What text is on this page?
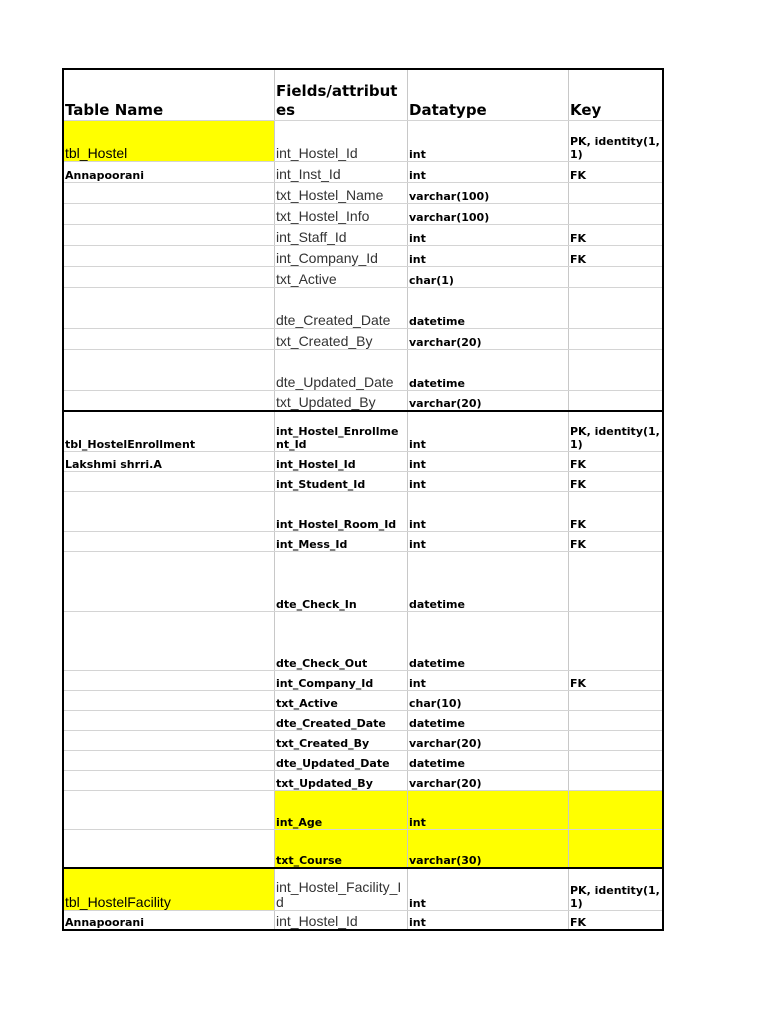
Table Name	Fields/attributes	Datatype	Key
tbl_Hostel	int_Hostel_Id	int	PK, identity(1,1)
Annapoorani	int_Inst_Id	int	FK
	txt_Hostel_Name	varchar(100)	
	txt_Hostel_Info	varchar(100)	
	int_Staff_Id	int	FK
	int_Company_Id	int	FK
	txt_Active	char(1)	
	dte_Created_Date	datetime	
	txt_Created_By	varchar(20)	
	dte_Updated_Date	datetime	
	txt_Updated_By	varchar(20)	
tbl_HostelEnrollment	int_Hostel_Enrollment_Id	int	PK, identity(1,1)
Lakshmi shrri.A	int_Hostel_Id	int	FK
	int_Student_Id	int	FK
	int_Hostel_Room_Id	int	FK
	int_Mess_Id	int	FK
	dte_Check_In	datetime	
	dte_Check_Out	datetime	
	int_Company_Id	int	FK
	txt_Active	char(10)	
	dte_Created_Date	datetime	
	txt_Created_By	varchar(20)	
	dte_Updated_Date	datetime	
	txt_Updated_By	varchar(20)	
	int_Age	int	
	txt_Course	varchar(30)	
tbl_HostelFacility	int_Hostel_Facility_Id	int	PK, identity(1,1)
Annapoorani	int_Hostel_Id	int	FK
